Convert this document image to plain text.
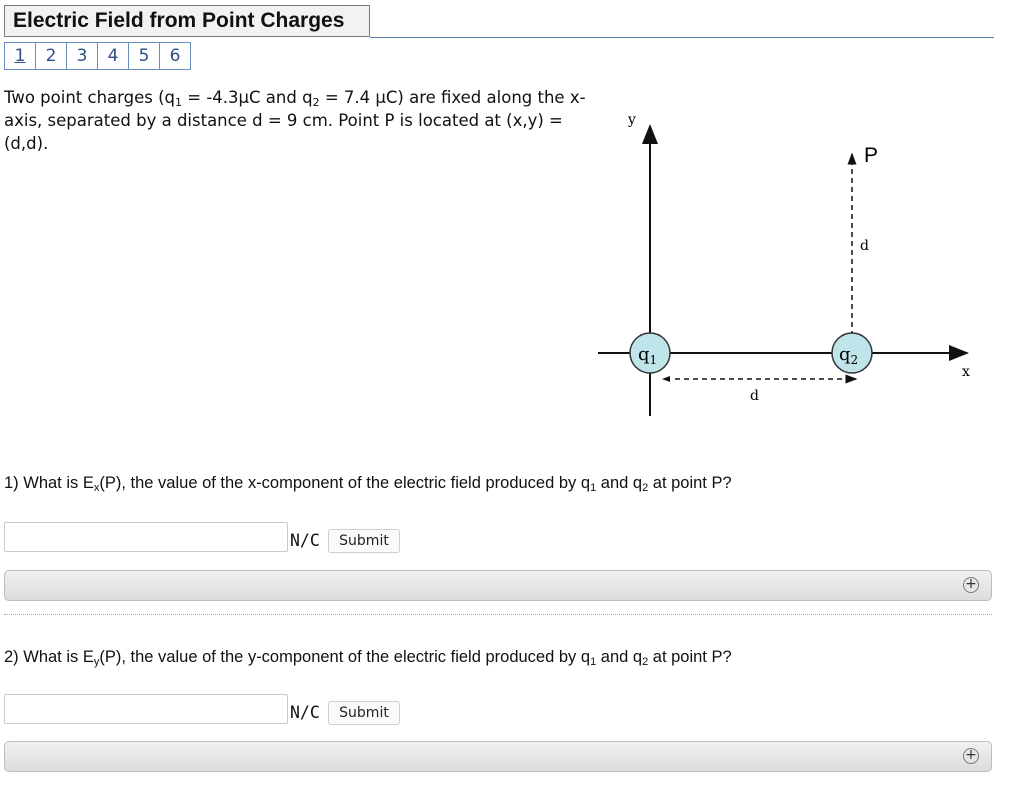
Electric Field from Point Charges
1	2	3	4	5	6
Two point charges ($q_1 = -4.3\mu C$ and $q_2 = 7.4$ μC) are fixed along the x-axis, separated by a distance d = 9 cm. Point P is located at (x,y) = (d,d).
y
x
P
d
d
$q_1$	$q_2$
1) What is $E_x(P)$, the value of the x-component of the electric field produced by $q_1$ and $q_2$ at point P?
N/C	Submit
+
2) What is $E_y(P)$, the value of the y-component of the electric field produced by $q_1$ and $q_2$ at point P?
N/C	Submit
+
